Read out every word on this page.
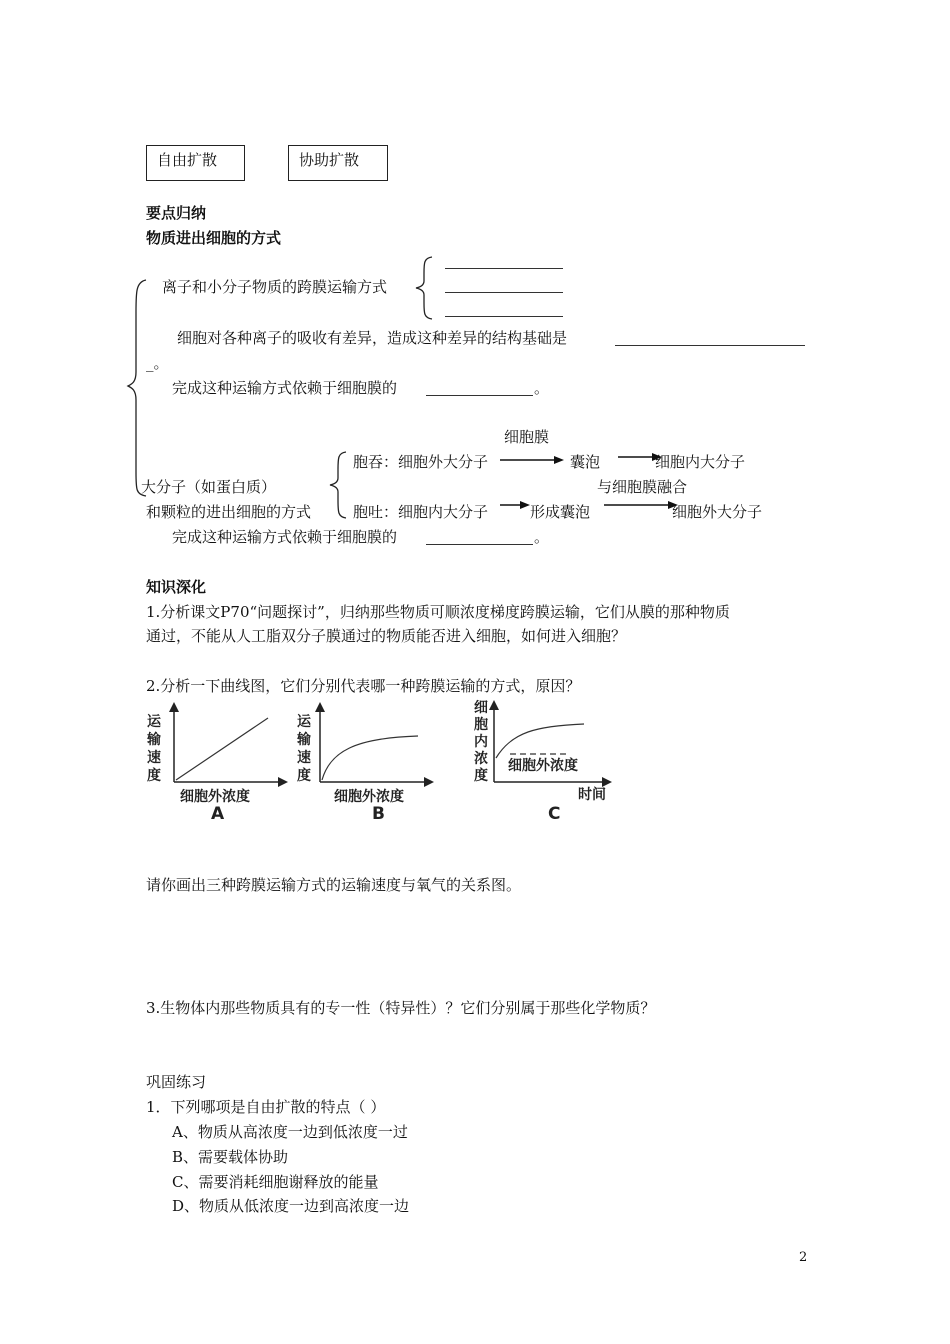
自由扩散	协助扩散
要点归纳
物质进出细胞的方式
离子和小分子物质的跨膜运输方式
细胞对各种离子的吸收有差异，造成这种差异的结构基础是
_。
完成这种运输方式依赖于细胞膜的	。
细胞膜
胞吞：细胞外大分子	囊泡	细胞内大分子
大分子（如蛋白质）	与细胞膜融合
和颗粒的进出细胞的方式	胞吐：细胞内大分子	形成囊泡	细胞外大分子
完成这种运输方式依赖于细胞膜的	。
知识深化
1.分析课文P70“问题探讨”，归纳那些物质可顺浓度梯度跨膜运输，它们从膜的那种物质
通过，不能从人工脂双分子膜通过的物质能否进入细胞，如何进入细胞？
2.分析一下曲线图，它们分别代表哪一种跨膜运输的方式，原因？
运
输
速
度
细胞外浓度
A
运
输
速
度
细胞外浓度
B
细
胞
内
浓
度
细胞外浓度
时间
C
请你画出三种跨膜运输方式的运输速度与氧气的关系图。
3.生物体内那些物质具有的专一性（特异性）？它们分别属于那些化学物质？
巩固练习
1．下列哪项是自由扩散的特点（ ）
A、物质从高浓度一边到低浓度一过
B、需要载体协助
C、需要消耗细胞谢释放的能量
D、物质从低浓度一边到高浓度一边
2
